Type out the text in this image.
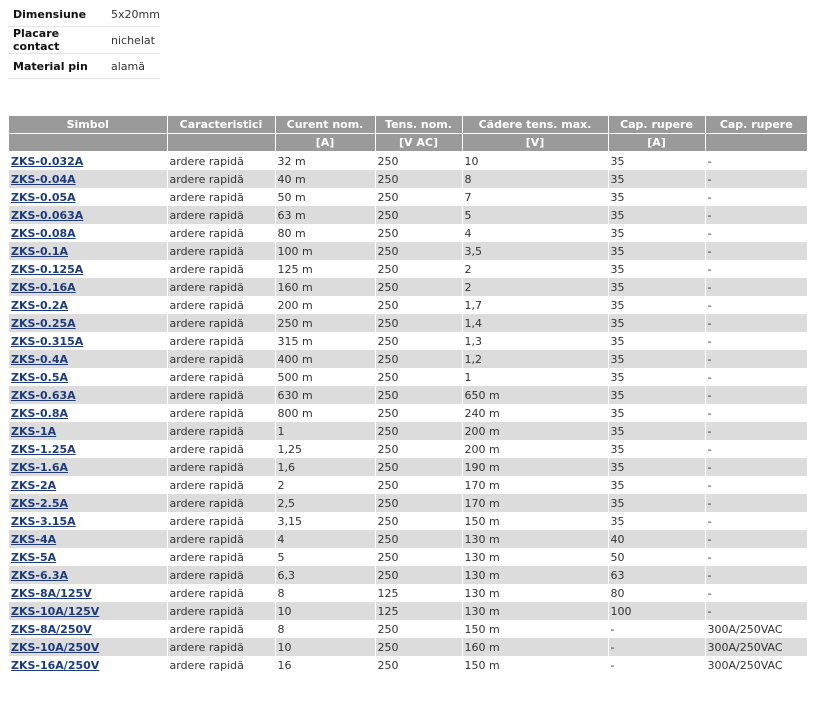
Dimensiune	5x20mm
Placare contact	nichelat
Material pin	alamă
Simbol	Caracteristici	Curent nom.	Tens. nom.	Cădere tens. max.	Cap. rupere	Cap. rupere
		[A]	[V AC]	[V]	[A]	
ZKS-0.032A	ardere rapidă	32 m	250	10	35	-
ZKS-0.04A	ardere rapidă	40 m	250	8	35	-
ZKS-0.05A	ardere rapidă	50 m	250	7	35	-
ZKS-0.063A	ardere rapidă	63 m	250	5	35	-
ZKS-0.08A	ardere rapidă	80 m	250	4	35	-
ZKS-0.1A	ardere rapidă	100 m	250	3,5	35	-
ZKS-0.125A	ardere rapidă	125 m	250	2	35	-
ZKS-0.16A	ardere rapidă	160 m	250	2	35	-
ZKS-0.2A	ardere rapidă	200 m	250	1,7	35	-
ZKS-0.25A	ardere rapidă	250 m	250	1,4	35	-
ZKS-0.315A	ardere rapidă	315 m	250	1,3	35	-
ZKS-0.4A	ardere rapidă	400 m	250	1,2	35	-
ZKS-0.5A	ardere rapidă	500 m	250	1	35	-
ZKS-0.63A	ardere rapidă	630 m	250	650 m	35	-
ZKS-0.8A	ardere rapidă	800 m	250	240 m	35	-
ZKS-1A	ardere rapidă	1	250	200 m	35	-
ZKS-1.25A	ardere rapidă	1,25	250	200 m	35	-
ZKS-1.6A	ardere rapidă	1,6	250	190 m	35	-
ZKS-2A	ardere rapidă	2	250	170 m	35	-
ZKS-2.5A	ardere rapidă	2,5	250	170 m	35	-
ZKS-3.15A	ardere rapidă	3,15	250	150 m	35	-
ZKS-4A	ardere rapidă	4	250	130 m	40	-
ZKS-5A	ardere rapidă	5	250	130 m	50	-
ZKS-6.3A	ardere rapidă	6,3	250	130 m	63	-
ZKS-8A/125V	ardere rapidă	8	125	130 m	80	-
ZKS-10A/125V	ardere rapidă	10	125	130 m	100	-
ZKS-8A/250V	ardere rapidă	8	250	150 m	-	300A/250VAC
ZKS-10A/250V	ardere rapidă	10	250	160 m	-	300A/250VAC
ZKS-16A/250V	ardere rapidă	16	250	150 m	-	300A/250VAC
